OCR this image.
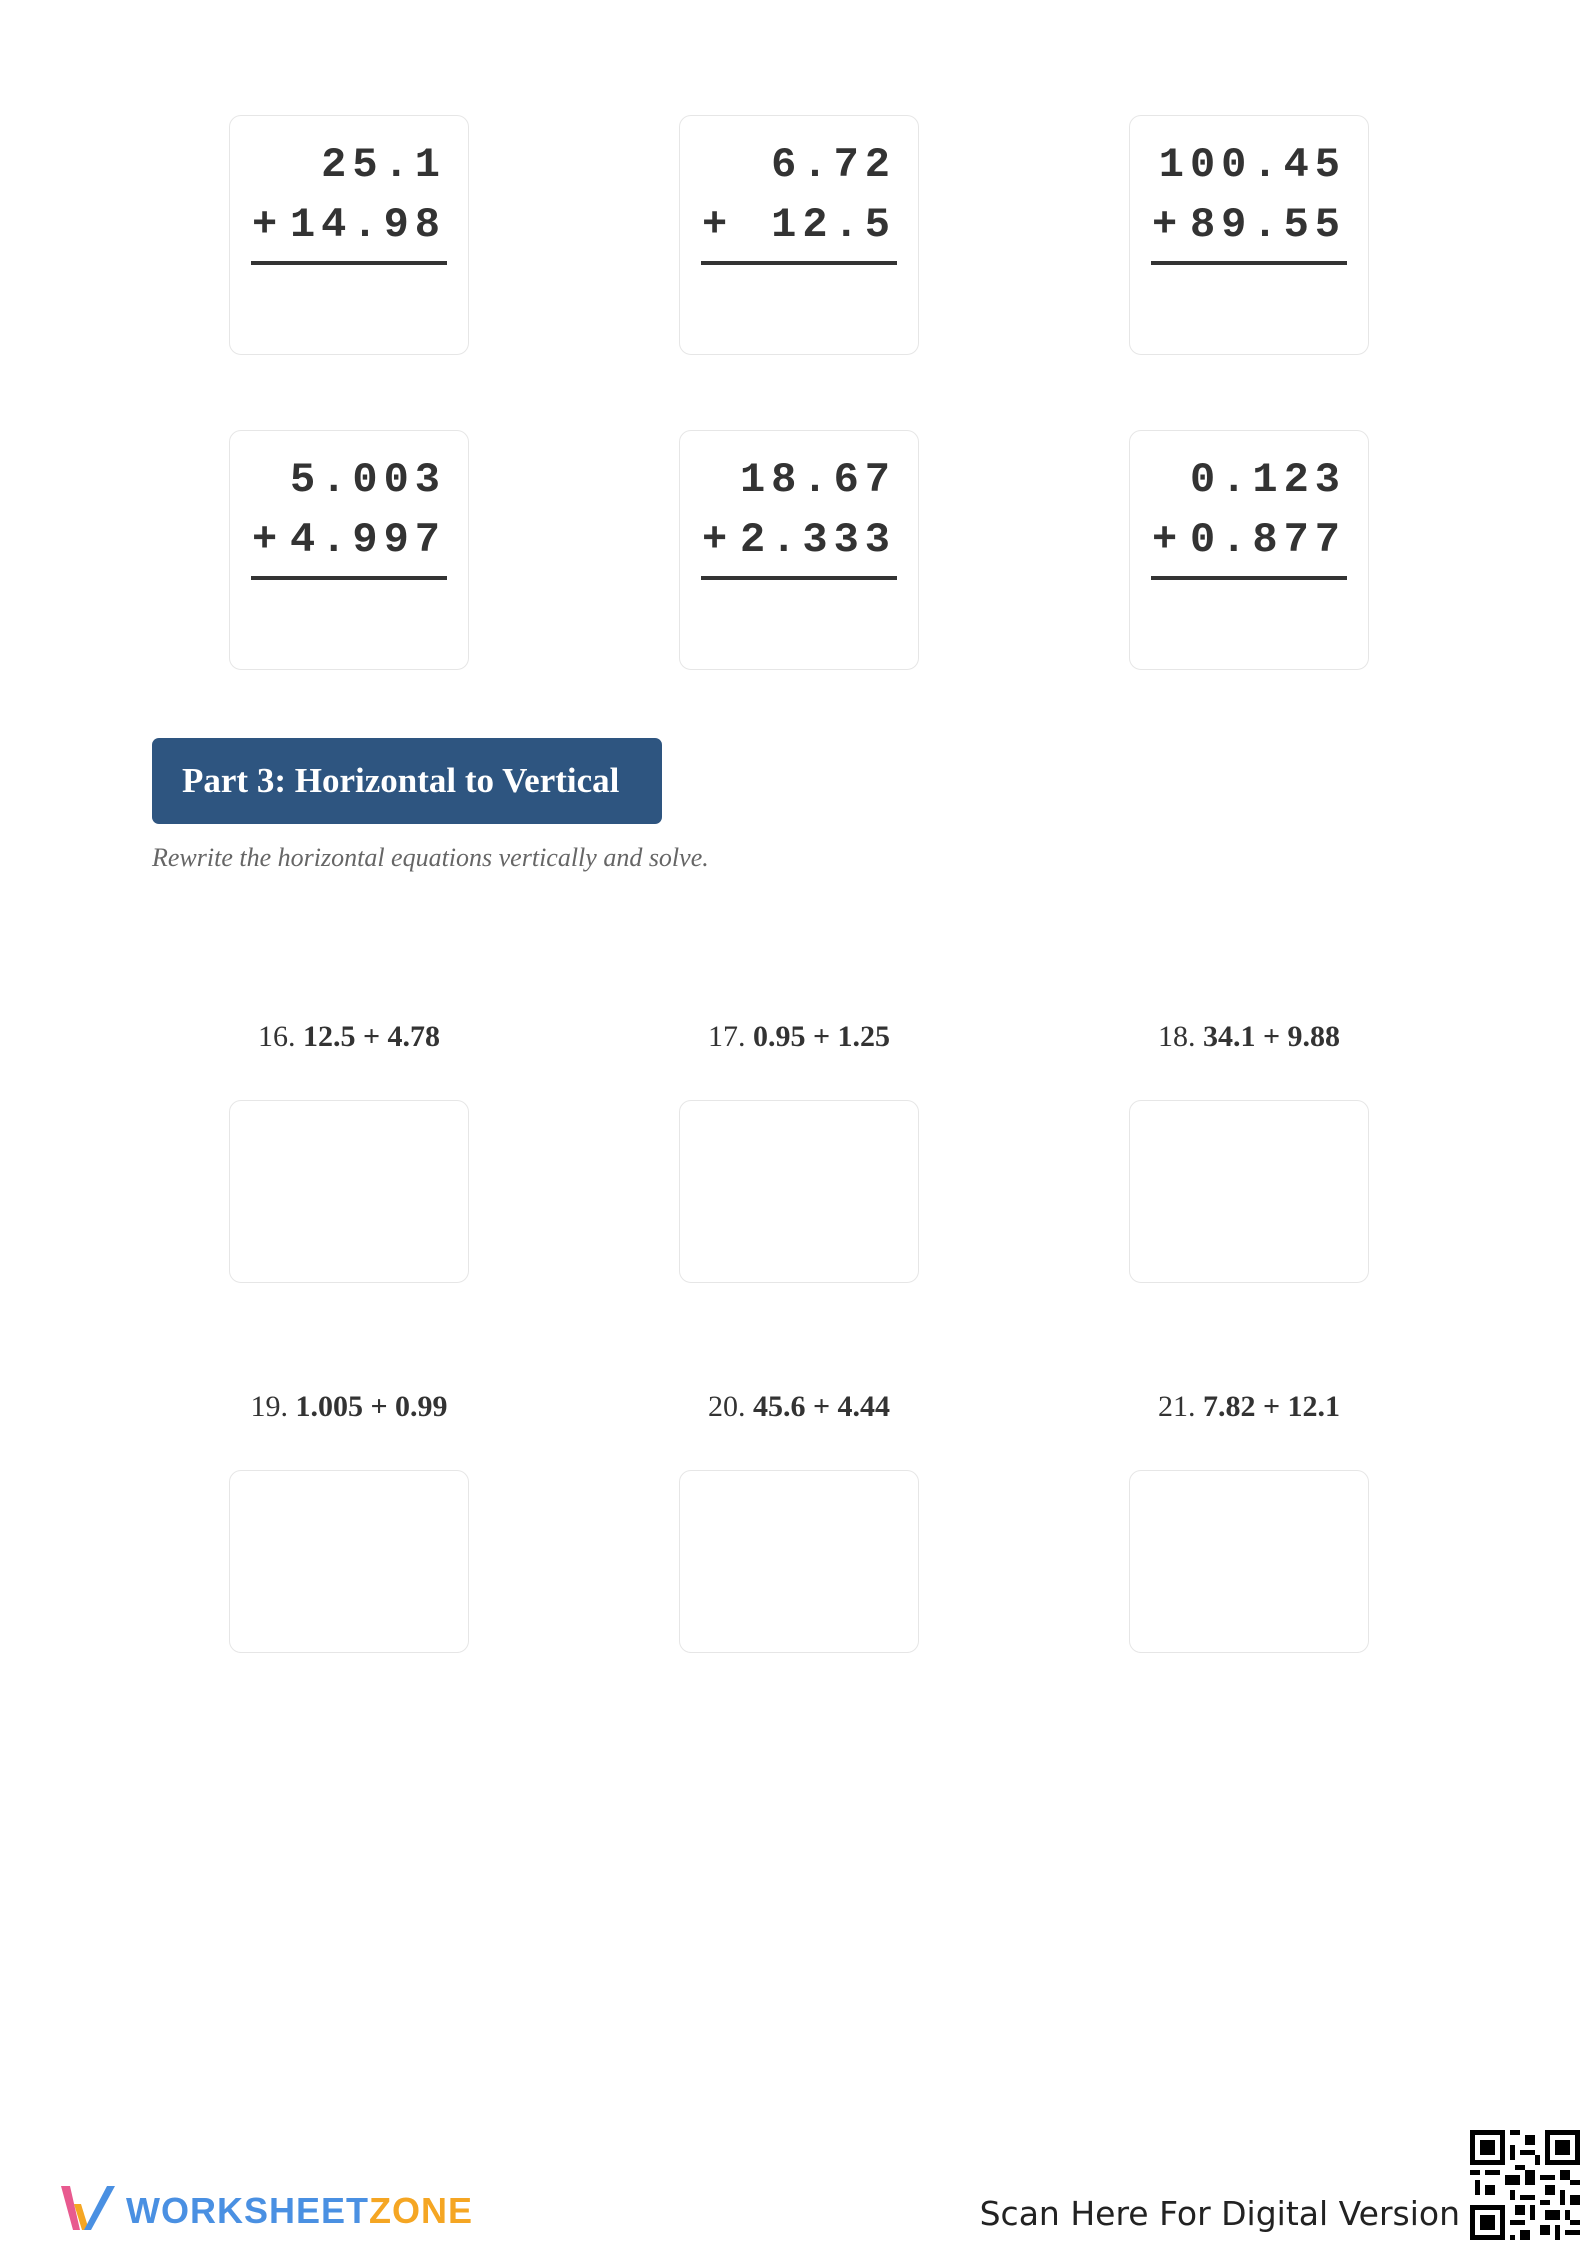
25.1
+ 14.98
6.72
+ 12.5
100.45
+ 89.55
5.003
+ 4.997
18.67
+ 2.333
0.123
+ 0.877
Part 3: Horizontal to Vertical
Rewrite the horizontal equations vertically and solve.
16. 12.5 + 4.78	17. 0.95 + 1.25	18. 34.1 + 9.88
19. 1.005 + 0.99	20. 45.6 + 4.44	21. 7.82 + 12.1
WORKSHEETZONE	Scan Here For Digital Version
